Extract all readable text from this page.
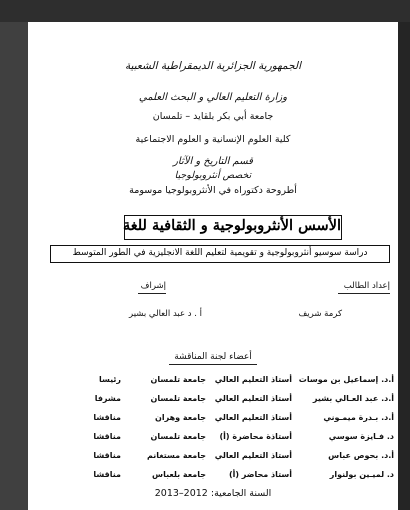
الجمهورية الجزائرية الديمقراطية الشعبية
وزارة التعليم العالي و البحث العلمي
جامعة أبي بكر بلقايد – تلمسان
كلية العلوم الإنسانية و العلوم الاجتماعية
قسم التاريخ و الآثار
تخصص أنثروبولوجيا
أطروحة دكتوراه في الأنثروبولوجيا موسومة
الأسس الأنثروبولوجية و الثقافية للغة
دراسة سوسيو أنثروبولوجية و تقويمية لتعليم اللغة الانجليزية في الطور المتوسط
إعداد الطالب
إشراف
كرمة شريف
أ . د عبد العالي بشير
أعضاء لجنة المناقشة
أ.د. إسماعيل بن موسات
أستاذ التعليم العالي
جامعة تلمسان
رئيسا
أ.د. عبد العـالي بشير
أستاذ التعليم العالي
جامعة تلمسان
مشرفا
أ.د. بـدرة ميمـوني
أستاذ التعليم العالي
جامعة وهران
مناقشا
د. فـايزة سوسي
أستاذة محاضرة (أ)
جامعة تلمسان
مناقشا
أ.د. بحوص عباس
أستاذ التعليم العالي
جامعة مستغانم
مناقشا
د. لميـين بولنوار
أستاذ محاضر (أ)
جامعة بلعباس
مناقشا
السنة الجامعية: 2012–2013
